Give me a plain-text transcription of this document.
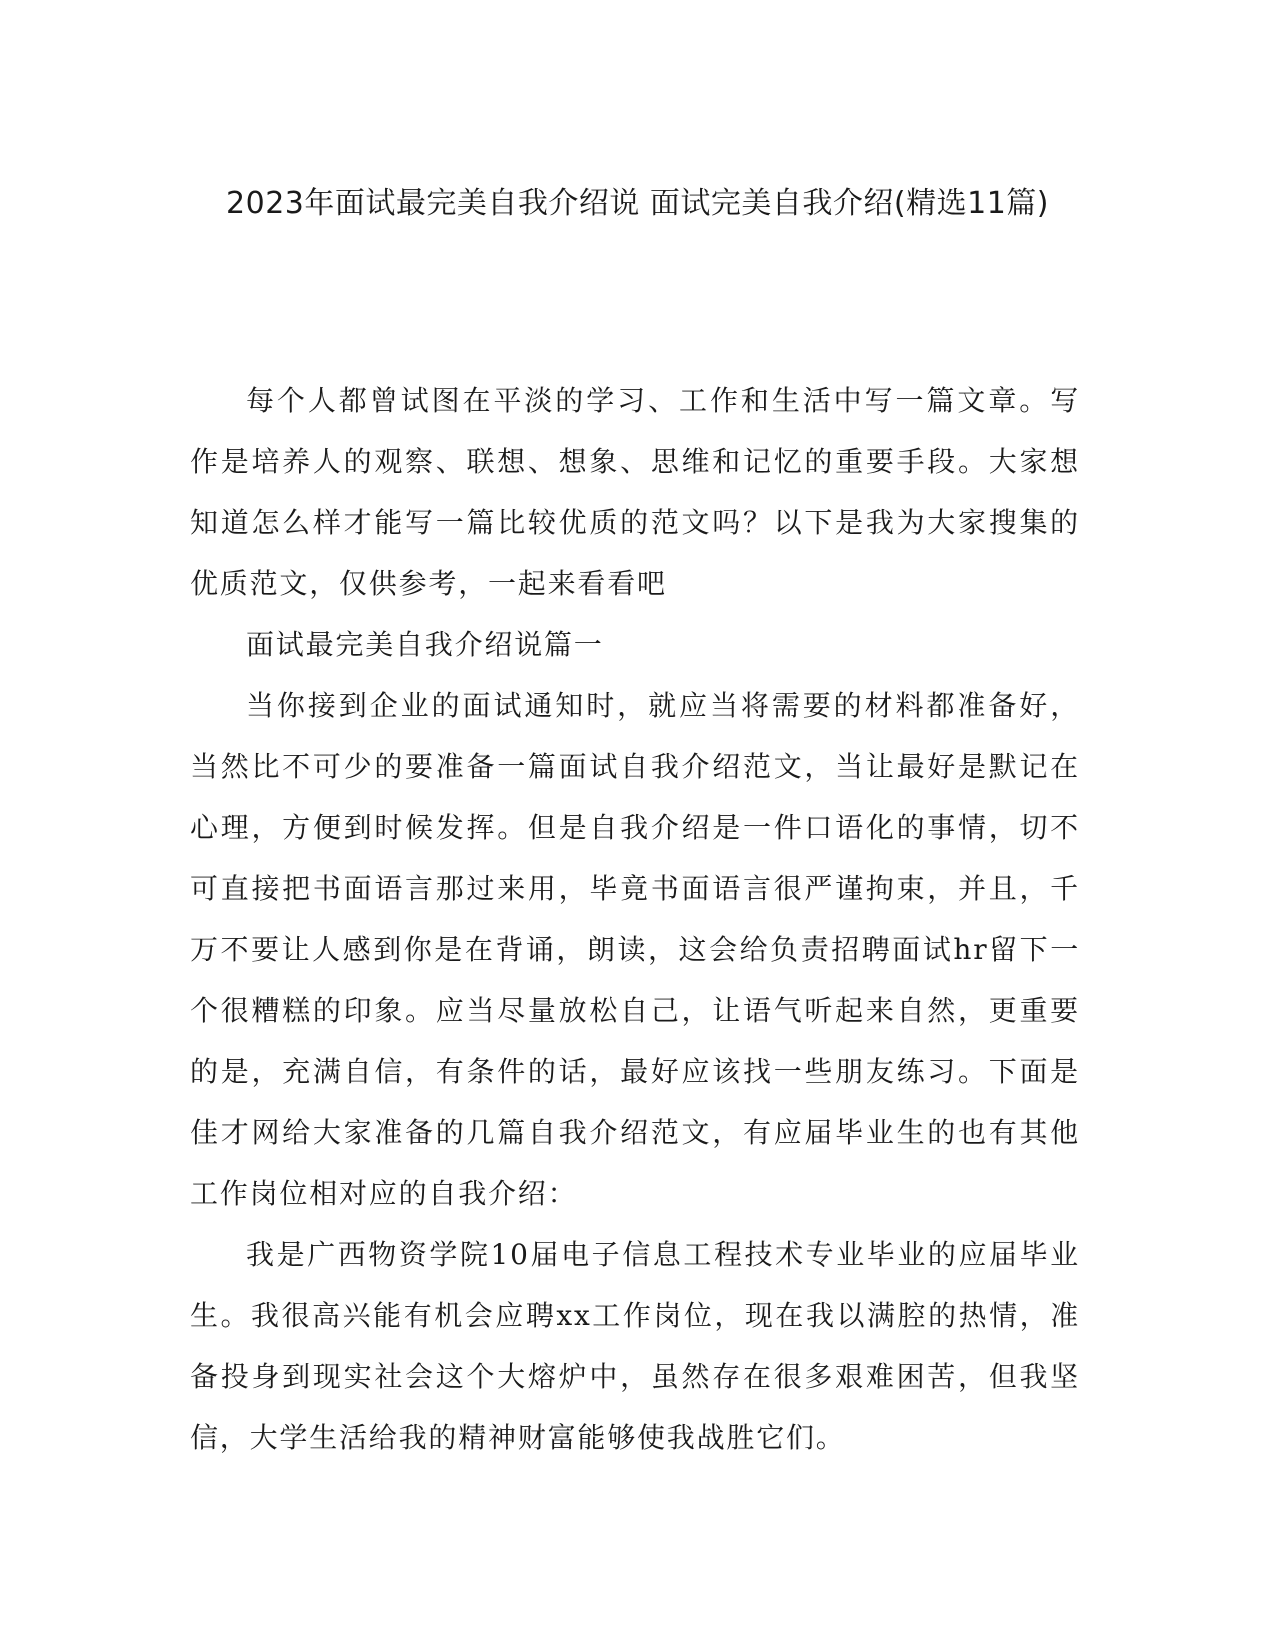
2023年面试最完美自我介绍说 面试完美自我介绍(精选11篇)

每个人都曾试图在平淡的学习、工作和生活中写一篇文章。写作是培养人的观察、联想、想象、思维和记忆的重要手段。大家想知道怎么样才能写一篇比较优质的范文吗？以下是我为大家搜集的优质范文，仅供参考，一起来看看吧

面试最完美自我介绍说篇一

当你接到企业的面试通知时，就应当将需要的材料都准备好，当然比不可少的要准备一篇面试自我介绍范文，当让最好是默记在心理，方便到时候发挥。但是自我介绍是一件口语化的事情，切不可直接把书面语言那过来用，毕竟书面语言很严谨拘束，并且，千万不要让人感到你是在背诵，朗读，这会给负责招聘面试hr留下一个很糟糕的印象。应当尽量放松自己，让语气听起来自然，更重要的是，充满自信，有条件的话，最好应该找一些朋友练习。下面是佳才网给大家准备的几篇自我介绍范文，有应届毕业生的也有其他工作岗位相对应的自我介绍：

我是广西物资学院10届电子信息工程技术专业毕业的应届毕业生。我很高兴能有机会应聘xx工作岗位，现在我以满腔的热情，准备投身到现实社会这个大熔炉中，虽然存在很多艰难困苦，但我坚信，大学生活给我的精神财富能够使我战胜它们。
